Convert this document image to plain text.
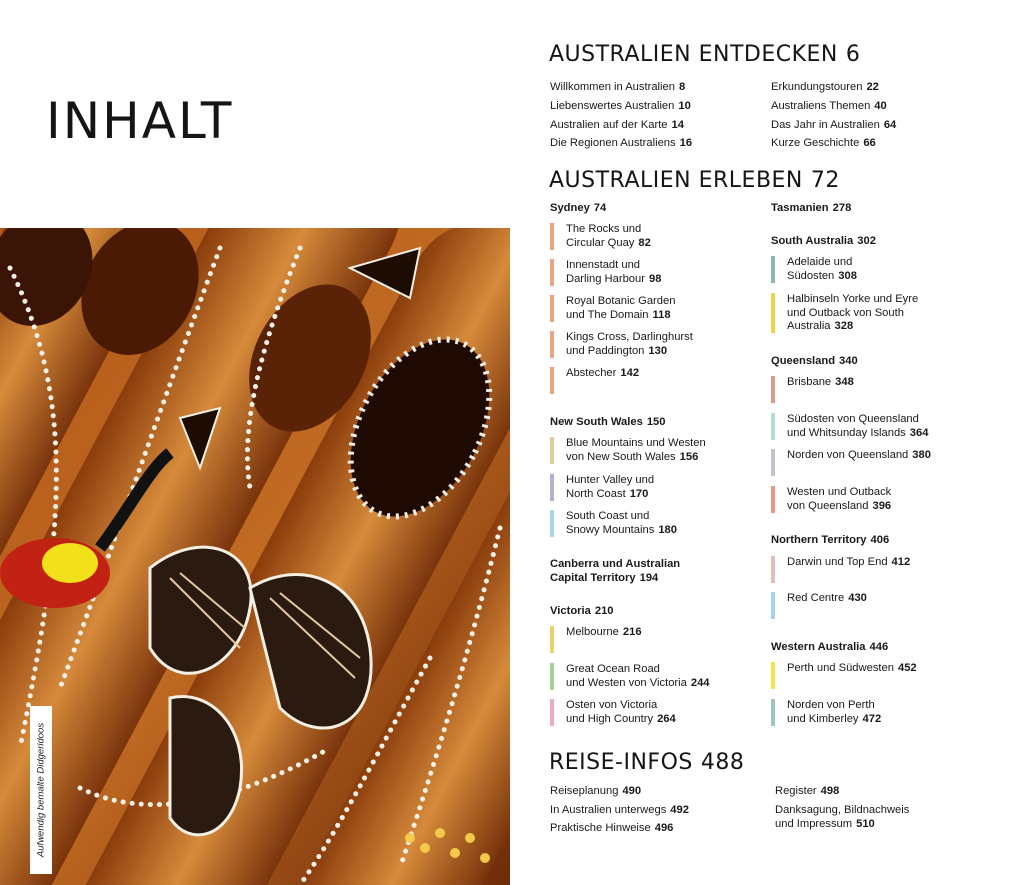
INHALT
Aufwendig bemalte Didgeridoos
AUSTRALIEN ENTDECKEN 6
Willkommen in Australien 8
Liebenswertes Australien 10
Australien auf der Karte 14
Die Regionen Australiens 16
Erkundungstouren 22
Australiens Themen 40
Das Jahr in Australien 64
Kurze Geschichte 66
AUSTRALIEN ERLEBEN 72
Sydney 74
The Rocks und
Circular Quay 82
Innenstadt und
Darling Harbour 98
Royal Botanic Garden
und The Domain 118
Kings Cross, Darlinghurst
und Paddington 130
Abstecher 142
New South Wales 150
Blue Mountains und Westen
von New South Wales 156
Hunter Valley und
North Coast 170
South Coast und
Snowy Mountains 180
Canberra und Australian
Capital Territory 194
Victoria 210
Melbourne 216
Great Ocean Road
und Westen von Victoria 244
Osten von Victoria
und High Country 264
Tasmanien 278
South Australia 302
Adelaide und
Südosten 308
Halbinseln Yorke und Eyre
und Outback von South
Australia 328
Queensland 340
Brisbane 348
Südosten von Queensland
und Whitsunday Islands 364
Norden von Queensland 380
Westen und Outback
von Queensland 396
Northern Territory 406
Darwin und Top End 412
Red Centre 430
Western Australia 446
Perth und Südwesten 452
Norden von Perth
und Kimberley 472
REISE-INFOS 488
Reiseplanung 490
In Australien unterwegs 492
Praktische Hinweise 496
Register 498
Danksagung, Bildnachweis
und Impressum 510
